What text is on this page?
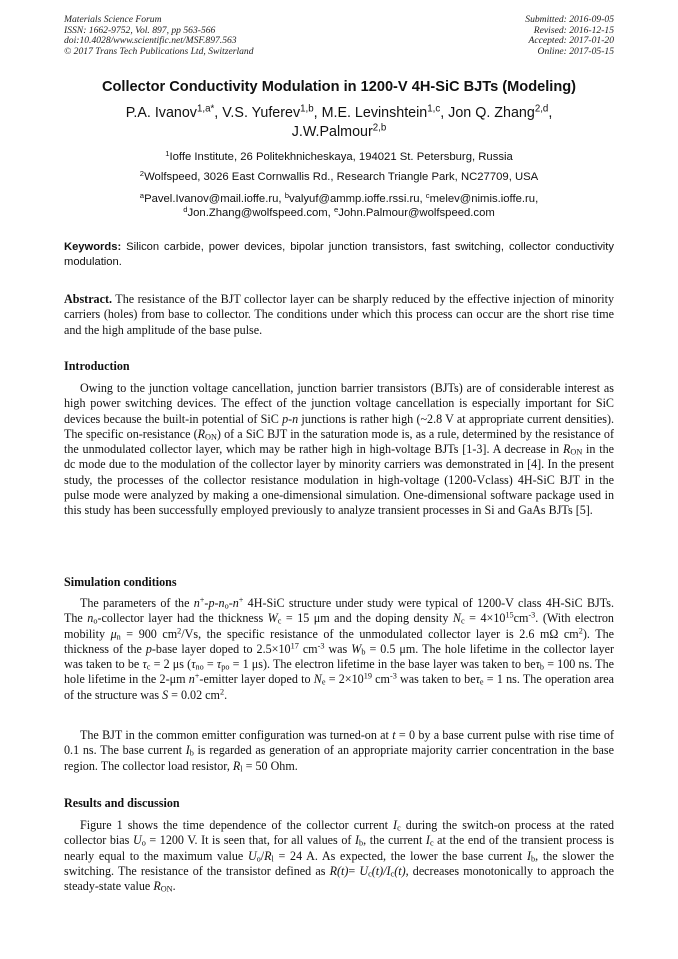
Materials Science Forum
ISSN: 1662-9752, Vol. 897, pp 563-566
doi:10.4028/www.scientific.net/MSF.897.563
© 2017 Trans Tech Publications Ltd, Switzerland
Submitted: 2016-09-05
Revised: 2016-12-15
Accepted: 2017-01-20
Online: 2017-05-15
Collector Conductivity Modulation in 1200-V 4H-SiC BJTs (Modeling)
P.A. Ivanov$^{1,a*}$, V.S. Yuferev$^{1,b}$, M.E. Levinshtein$^{1,c}$, Jon Q. Zhang$^{2,d}$,
J.W.Palmour$^{2,b}$
$^1$Ioffe Institute, 26 Politekhnicheskaya, 194021 St. Petersburg, Russia
$^2$Wolfspeed, 3026 East Cornwallis Rd., Research Triangle Park, NC27709, USA
$^a$Pavel.Ivanov@mail.ioffe.ru, $^b$valyuf@ammp.ioffe.rssi.ru, $^c$melev@nimis.ioffe.ru,
$^d$Jon.Zhang@wolfspeed.com, $^e$John.Palmour@wolfspeed.com
Keywords: Silicon carbide, power devices, bipolar junction transistors, fast switching, collector conductivity modulation.
Abstract. The resistance of the BJT collector layer can be sharply reduced by the effective injection of minority carriers (holes) from base to collector. The conditions under which this process can occur are the short rise time and the high amplitude of the base pulse.
Introduction
Owing to the junction voltage cancellation, junction barrier transistors (BJTs) are of considerable interest as high power switching devices. The effect of the junction voltage cancellation is especially important for SiC devices because the built-in potential of SiC p-n junctions is rather high (~2.8 V at appropriate current densities). The specific on-resistance $(R_{ON})$ of a SiC BJT in the saturation mode is, as a rule, determined by the resistance of the unmodulated collector layer, which may be rather high in high-voltage BJTs [1-3]. A decrease in $R_{ON}$ in the dc mode due to the modulation of the collector layer by minority carriers was demonstrated in [4]. In the present study, the processes of the collector resistance modulation in high-voltage (1200-Vclass) 4H-SiC BJT in the pulse mode were analyzed by making a one-dimensional simulation. One-dimensional software package used in this study has been successfully employed previously to analyze transient processes in Si and GaAs BJTs [5].
Simulation conditions
The parameters of the $n^+-p-n_o-n^+$ 4H-SiC structure under study were typical of 1200-V class 4H-SiC BJTs. The $n_o$-collector layer had the thickness $W_c = 15$ μm and the doping density $N_c = 4\times 10^{15}cm^{-3}$. (With electron mobility $\mu_n = 900$ $cm^2/Vs$, the specific resistance of the unmodulated collector layer is 2.6 mΩ $cm^2$). The thickness of the p-base layer doped to $2.5\times 10^{17}$ $cm^{-3}$ was $W_b = 0.5$ μm. The hole lifetime in the collector layer was taken to be $\tau_c = 2$ μs ($\tau_{no} = \tau_{po} = 1$ μs). The electron lifetime in the base layer was taken to beτ$_b$ = 100 ns. The hole lifetime in the 2-μm n+-emitter layer doped to $N_e = 2\times 10^{19}$ $cm^{-3}$ was taken to beτ$_e$ = 1 ns. The operation area of the structure was S = 0.02 $cm^2$.
The BJT in the common emitter configuration was turned-on at t = 0 by a base current pulse with rise time of 0.1 ns. The base current $I_b$ is regarded as generation of an appropriate majority carrier concentration in the base region. The collector load resistor, $R_l = 50$ Ohm.
Results and discussion
Figure 1 shows the time dependence of the collector current $I_c$ during the switch-on process at the rated collector bias $U_o = 1200$ V. It is seen that, for all values of $I_b$, the current $I_c$ at the end of the transient process is nearly equal to the maximum value $U_o/R_l = 24$ A. As expected, the lower the base current $I_b$, the slower the switching. The resistance of the transistor defined as $R(t)= U_c(t)/I_c(t)$, decreases monotonically to approach the steady-state value $R_{ON}$.
